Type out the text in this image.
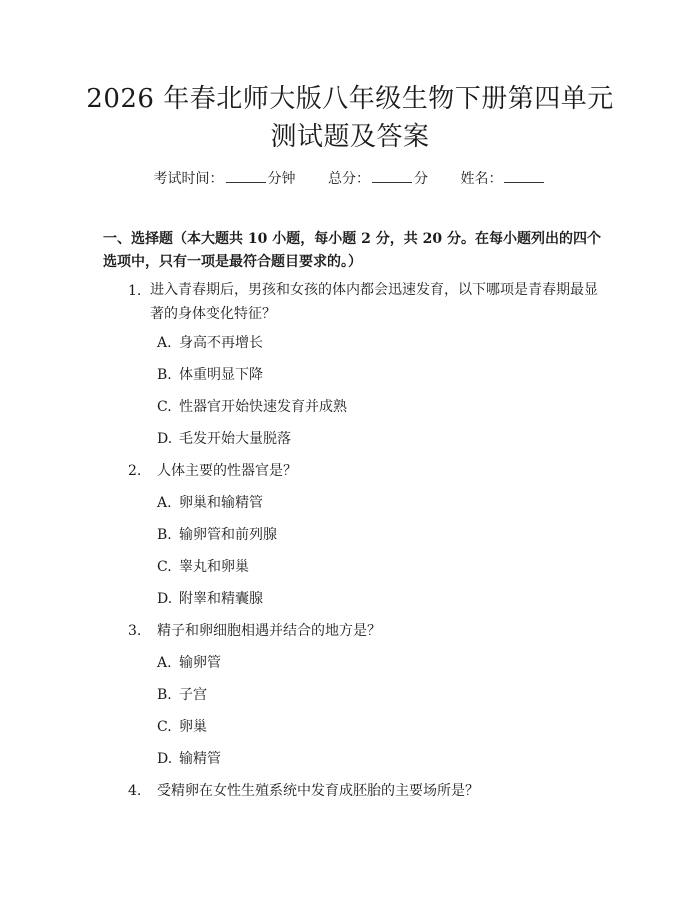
2026 年春北师大版八年级生物下册第四单元
测试题及答案
考试时间：	分钟 总分：	分 姓名：
一、选择题（本大题共 10 小题，每小题 2 分，共 20 分。在每小题列出的四个选项中，只有一项是最符合题目要求的。）
1. 进入青春期后，男孩和女孩的体内都会迅速发育，以下哪项是青春期最显著的身体变化特征？
A. 身高不再增长
B. 体重明显下降
C. 性器官开始快速发育并成熟
D. 毛发开始大量脱落
2. 人体主要的性器官是？
A. 卵巢和输精管
B. 输卵管和前列腺
C. 睾丸和卵巢
D. 附睾和精囊腺
3. 精子和卵细胞相遇并结合的地方是？
A. 输卵管
B. 子宫
C. 卵巢
D. 输精管
4. 受精卵在女性生殖系统中发育成胚胎的主要场所是？
